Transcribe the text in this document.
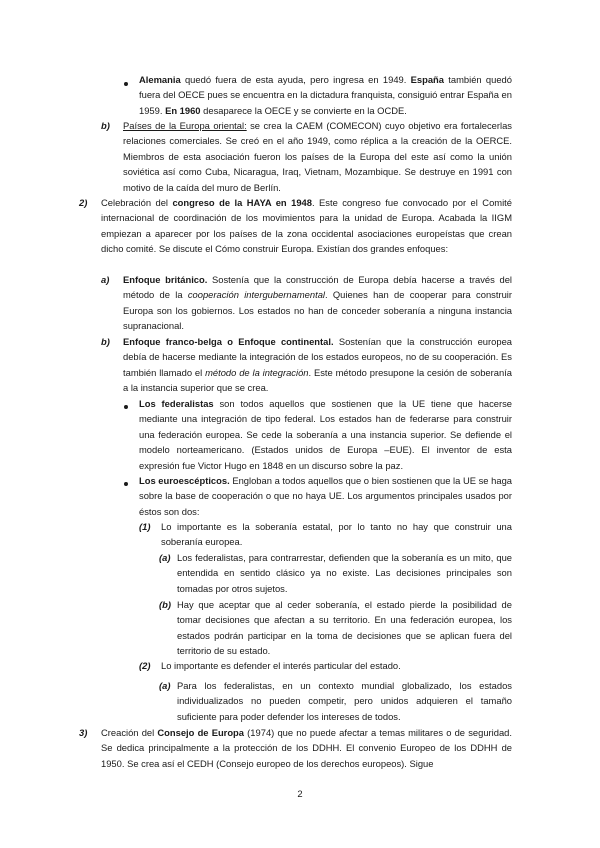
Alemania quedó fuera de esta ayuda, pero ingresa en 1949. España también quedó fuera del OECE pues se encuentra en la dictadura franquista, consiguió entrar España en 1959. En 1960 desaparece la OECE y se convierte en la OCDE.
b) Países de la Europa oriental: se crea la CAEM (COMECON) cuyo objetivo era fortalecerlas relaciones comerciales. Se creó en el año 1949, como réplica a la creación de la OERCE. Miembros de esta asociación fueron los países de la Europa del este así como la unión soviética así como Cuba, Nicaragua, Iraq, Vietnam, Mozambique. Se destruye en 1991 con motivo de la caída del muro de Berlín.
2) Celebración del congreso de la HAYA en 1948. Este congreso fue convocado por el Comité internacional de coordinación de los movimientos para la unidad de Europa. Acabada la IIGM empiezan a aparecer por los países de la zona occidental asociaciones europeístas que crean dicho comité. Se discute el Cómo construir Europa. Existían dos grandes enfoques:
a) Enfoque británico. Sostenía que la construcción de Europa debía hacerse a través del método de la cooperación intergubernamental. Quienes han de cooperar para construir Europa son los gobiernos. Los estados no han de conceder soberanía a ninguna instancia supranacional.
b) Enfoque franco-belga o Enfoque continental. Sostenían que la construcción europea debía de hacerse mediante la integración de los estados europeos, no de su cooperación. Es también llamado el método de la integración. Este método presupone la cesión de soberanía a la instancia superior que se crea.
Los federalistas son todos aquellos que sostienen que la UE tiene que hacerse mediante una integración de tipo federal. Los estados han de federarse para construir una federación europea. Se cede la soberanía a una instancia superior. Se defiende el modelo norteamericano. (Estados unidos de Europa –EUE). El inventor de esta expresión fue Victor Hugo en 1848 en un discurso sobre la paz.
Los euroescépticos. Engloban a todos aquellos que o bien sostienen que la UE se haga sobre la base de cooperación o que no haya UE. Los argumentos principales usados por éstos son dos:
(1) Lo importante es la soberanía estatal, por lo tanto no hay que construir una soberanía europea.
(a) Los federalistas, para contrarrestar, defienden que la soberanía es un mito, que entendida en sentido clásico ya no existe. Las decisiones principales son tomadas por otros sujetos.
(b) Hay que aceptar que al ceder soberanía, el estado pierde la posibilidad de tomar decisiones que afectan a su territorio. En una federación europea, los estados podrán participar en la toma de decisiones que se aplican fuera del territorio de su estado.
(2) Lo importante es defender el interés particular del estado.
(a) Para los federalistas, en un contexto mundial globalizado, los estados individualizados no pueden competir, pero unidos adquieren el tamaño suficiente para poder defender los intereses de todos.
3) Creación del Consejo de Europa (1974) que no puede afectar a temas militares o de seguridad. Se dedica principalmente a la protección de los DDHH. El convenio Europeo de los DDHH de 1950. Se crea así el CEDH (Consejo europeo de los derechos europeos). Sigue
2
